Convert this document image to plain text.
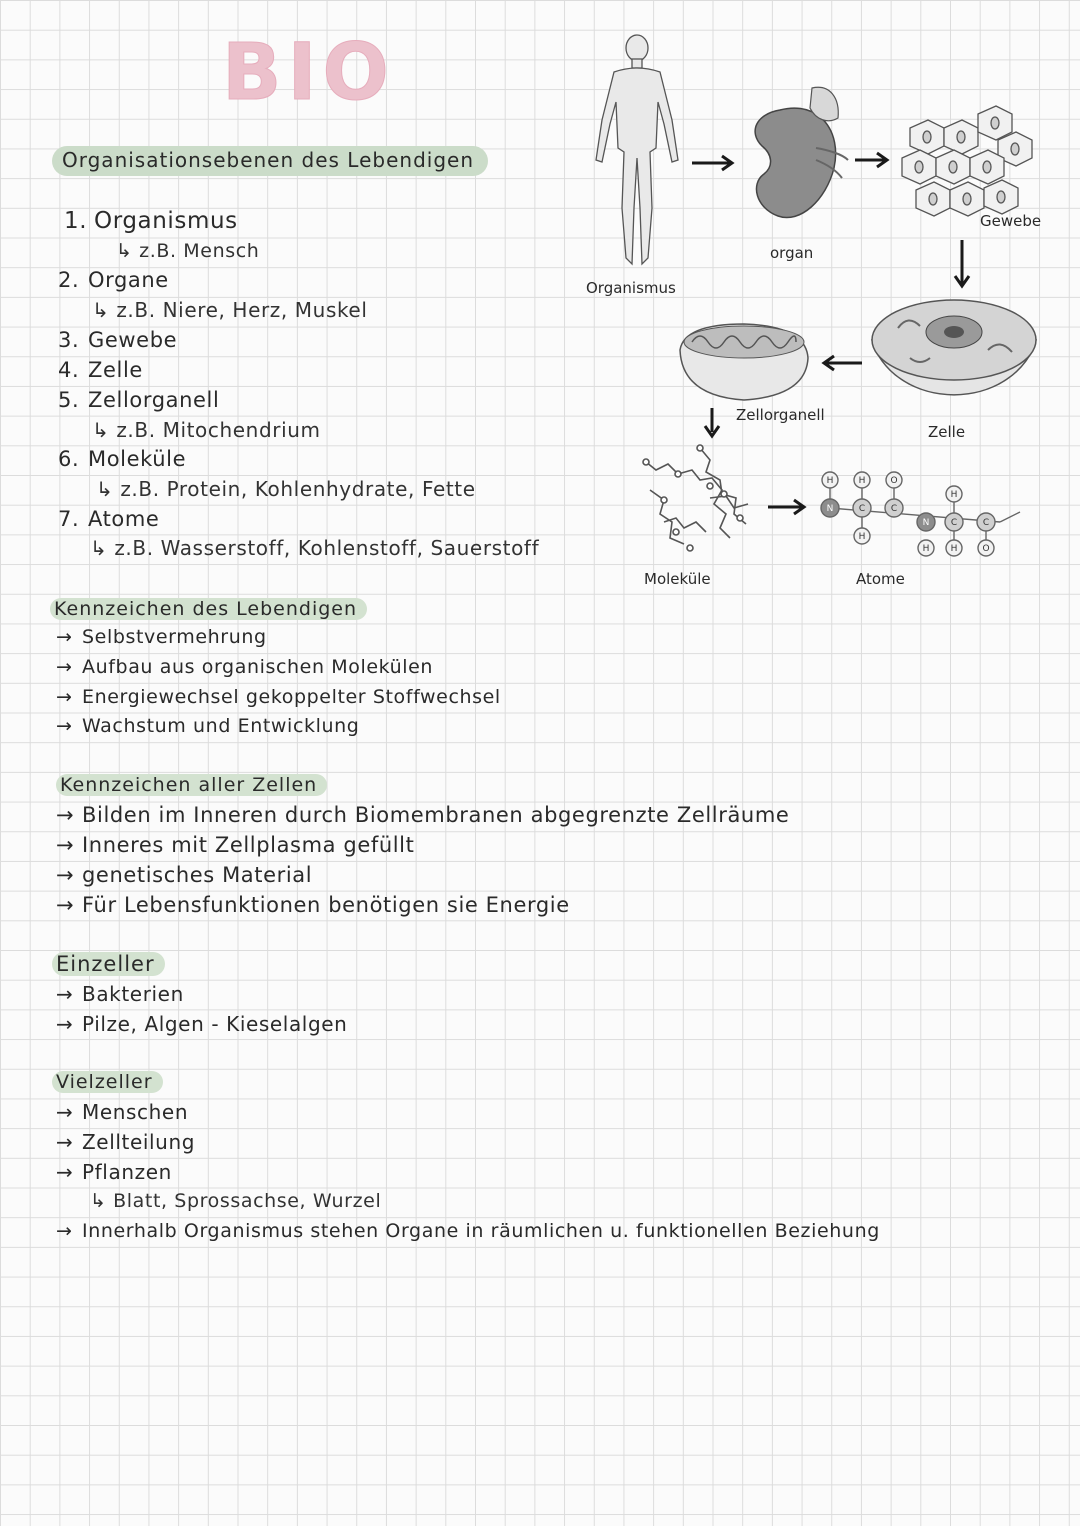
BIO
Organisationsebenen des Lebendigen
1. Organismus
↳ z.B. Mensch
2. Organe
↳ z.B. Niere, Herz, Muskel
3. Gewebe
4. Zelle
5. Zellorganell
↳ z.B. Mitochendrium
6. Moleküle
↳ z.B. Protein, Kohlenhydrate, Fette
7. Atome
↳ z.B. Wasserstoff, Kohlenstoff, Sauerstoff
H	H	O
N	C	C
H
N
H
C
H
C
O
H
Organismus
organ
Gewebe
Zelle
Zellorganell
Moleküle	Atome
Kennzeichen des Lebendigen
→ Selbstvermehrung
→ Aufbau aus organischen Molekülen
→ Energiewechsel gekoppelter Stoffwechsel
→ Wachstum und Entwicklung
Kennzeichen aller Zellen
→ Bilden im Inneren durch Biomembranen abgegrenzte Zellräume
→ Inneres mit Zellplasma gefüllt
→ genetisches Material
→ Für Lebensfunktionen benötigen sie Energie
Einzeller
→ Bakterien
→ Pilze, Algen - Kieselalgen
Vielzeller
→ Menschen
→ Zellteilung
→ Pflanzen
↳ Blatt, Sprossachse, Wurzel
→ Innerhalb Organismus stehen Organe in räumlichen u. funktionellen Beziehung
